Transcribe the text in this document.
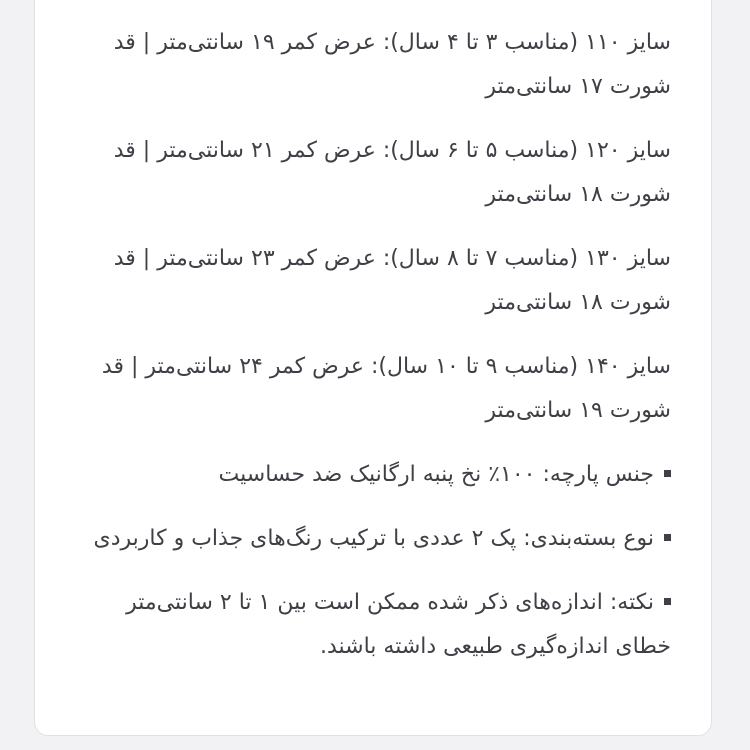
سایز ۱۱۰ (مناسب ۳ تا ۴ سال): عرض کمر ۱۹ سانتی‌متر | قد شورت ۱۷ سانتی‌متر

سایز ۱۲۰ (مناسب ۵ تا ۶ سال): عرض کمر ۲۱ سانتی‌متر | قد شورت ۱۸ سانتی‌متر

سایز ۱۳۰ (مناسب ۷ تا ۸ سال): عرض کمر ۲۳ سانتی‌متر | قد شورت ۱۸ سانتی‌متر

سایز ۱۴۰ (مناسب ۹ تا ۱۰ سال): عرض کمر ۲۴ سانتی‌متر | قد شورت ۱۹ سانتی‌متر

جنس پارچه: ۱۰۰٪ نخ پنبه ارگانیک ضد حساسیت

نوع بسته‌بندی: پک ۲ عددی با ترکیب رنگ‌های جذاب و کاربردی

نکته: اندازه‌های ذکر شده ممکن است بین ۱ تا ۲ سانتی‌متر خطای اندازه‌گیری طبیعی داشته باشند.
